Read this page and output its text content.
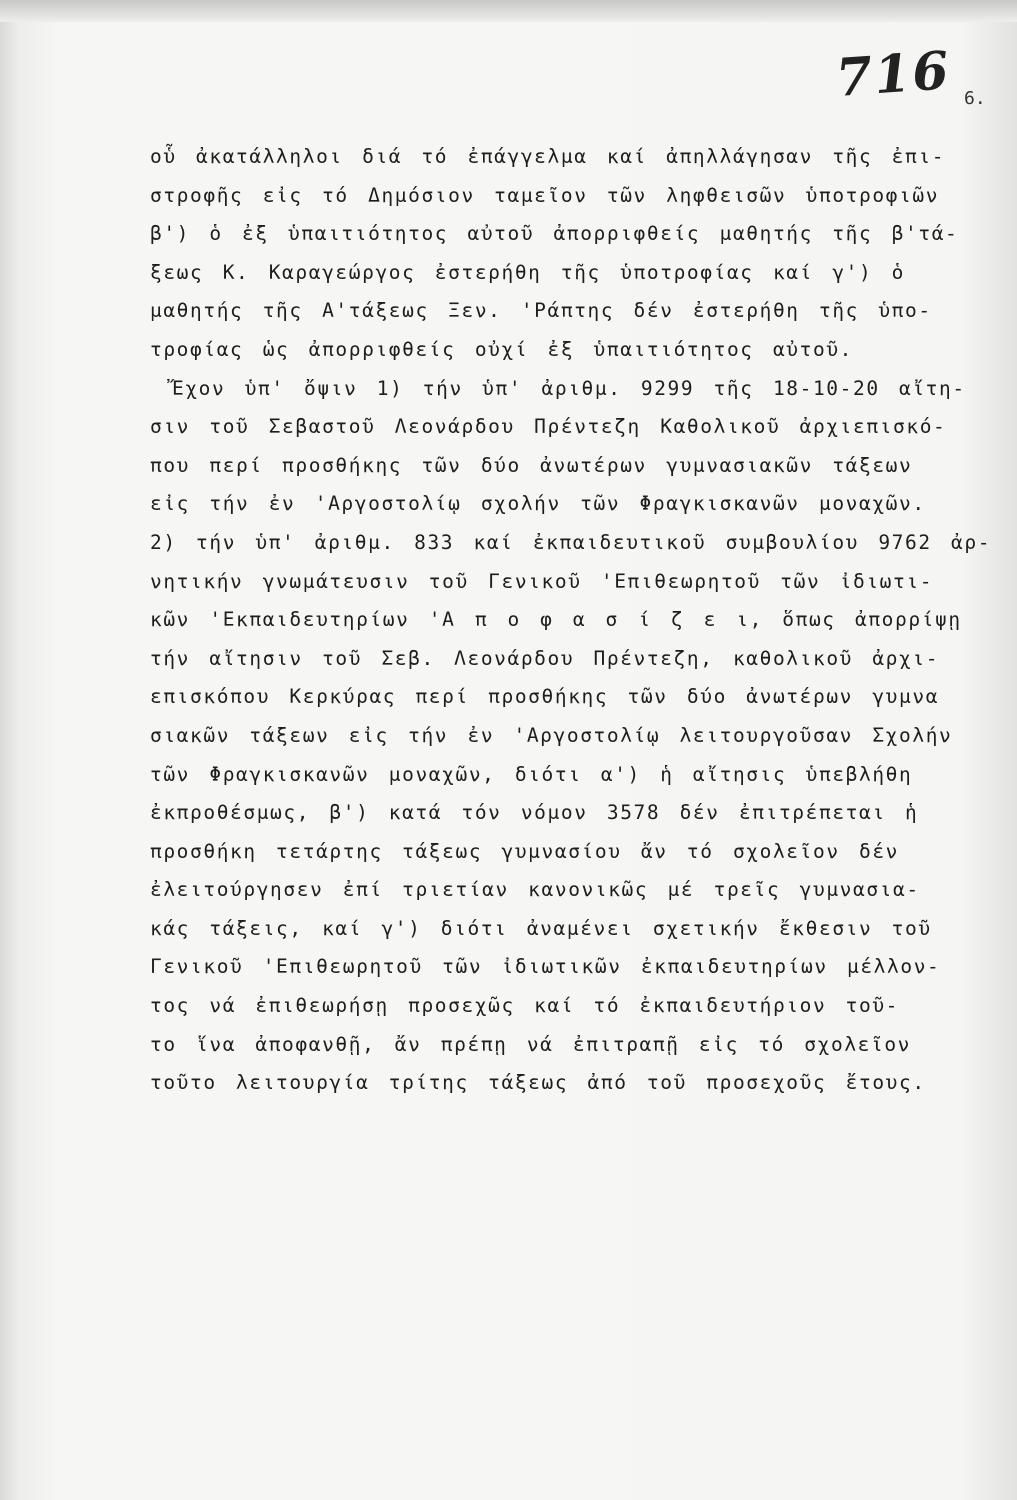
716 6.
οὗ ἀκατάλληλοι διά τό ἐπάγγελμα καί ἀπηλλάγησαν τῆς ἐπι-
στροφῆς εἰς τό Δημόσιον ταμεῖον τῶν ληφθεισῶν ὑποτροφιῶν
β') ὁ ἐξ ὑπαιτιότητος αὐτοῦ ἀπορριφθείς μαθητής τῆς β'τά-
ξεως Κ. Καραγεώργος ἐστερήθη τῆς ὑποτροφίας καί γ') ὁ
μαθητής τῆς Α'τάξεως Ξεν. 'Ράπτης δέν ἐστερήθη τῆς ὑπο-
τροφίας ὡς ἀπορριφθείς οὐχί ἐξ ὑπαιτιότητος αὐτοῦ.
Ἔχον ὑπ' ὄψιν 1) τήν ὑπ' ἀριθμ. 9299 τῆς 18-10-20 αἴτη-
σιν τοῦ Σεβαστοῦ Λεονάρδου Πρέντεζη Καθολικοῦ ἀρχιεπισκό-
που περί προσθήκης τῶν δύο ἀνωτέρων γυμνασιακῶν τάξεων
εἰς τήν ἐν 'Αργοστολίῳ σχολήν τῶν Φραγκισκανῶν μοναχῶν.
2) τήν ὑπ' ἀριθμ. 833 καί ἐκπαιδευτικοῦ συμβουλίου 9762 ἀρ-
νητικήν γνωμάτευσιν τοῦ Γενικοῦ 'Επιθεωρητοῦ τῶν ἰδιωτι-
κῶν 'Εκπαιδευτηρίων 'Α π ο φ α σ ί ζ ε ι, ὅπως ἀπορρίψῃ
τήν αἴτησιν τοῦ Σεβ. Λεονάρδου Πρέντεζη, καθολικοῦ ἀρχι-
επισκόπου Κερκύρας περί προσθήκης τῶν δύο ἀνωτέρων γυμνα
σιακῶν τάξεων εἰς τήν ἐν 'Αργοστολίῳ λειτουργοῦσαν Σχολήν
τῶν Φραγκισκανῶν μοναχῶν, διότι α') ἡ αἴτησις ὑπεβλήθη
ἐκπροθέσμως, β') κατά τόν νόμον 3578 δέν ἐπιτρέπεται ἡ
προσθήκη τετάρτης τάξεως γυμνασίου ἄν τό σχολεῖον δέν
ἐλειτούργησεν ἐπί τριετίαν κανονικῶς μέ τρεῖς γυμνασια-
κάς τάξεις, καί γ') διότι ἀναμένει σχετικήν ἔκθεσιν τοῦ
Γενικοῦ 'Επιθεωρητοῦ τῶν ἰδιωτικῶν ἐκπαιδευτηρίων μέλλον-
τος νά ἐπιθεωρήσῃ προσεχῶς καί τό ἐκπαιδευτήριον τοῦ-
το ἵνα ἀποφανθῇ, ἄν πρέπῃ νά ἐπιτραπῇ εἰς τό σχολεῖον
τοῦτο λειτουργία τρίτης τάξεως ἀπό τοῦ προσεχοῦς ἔτους.
